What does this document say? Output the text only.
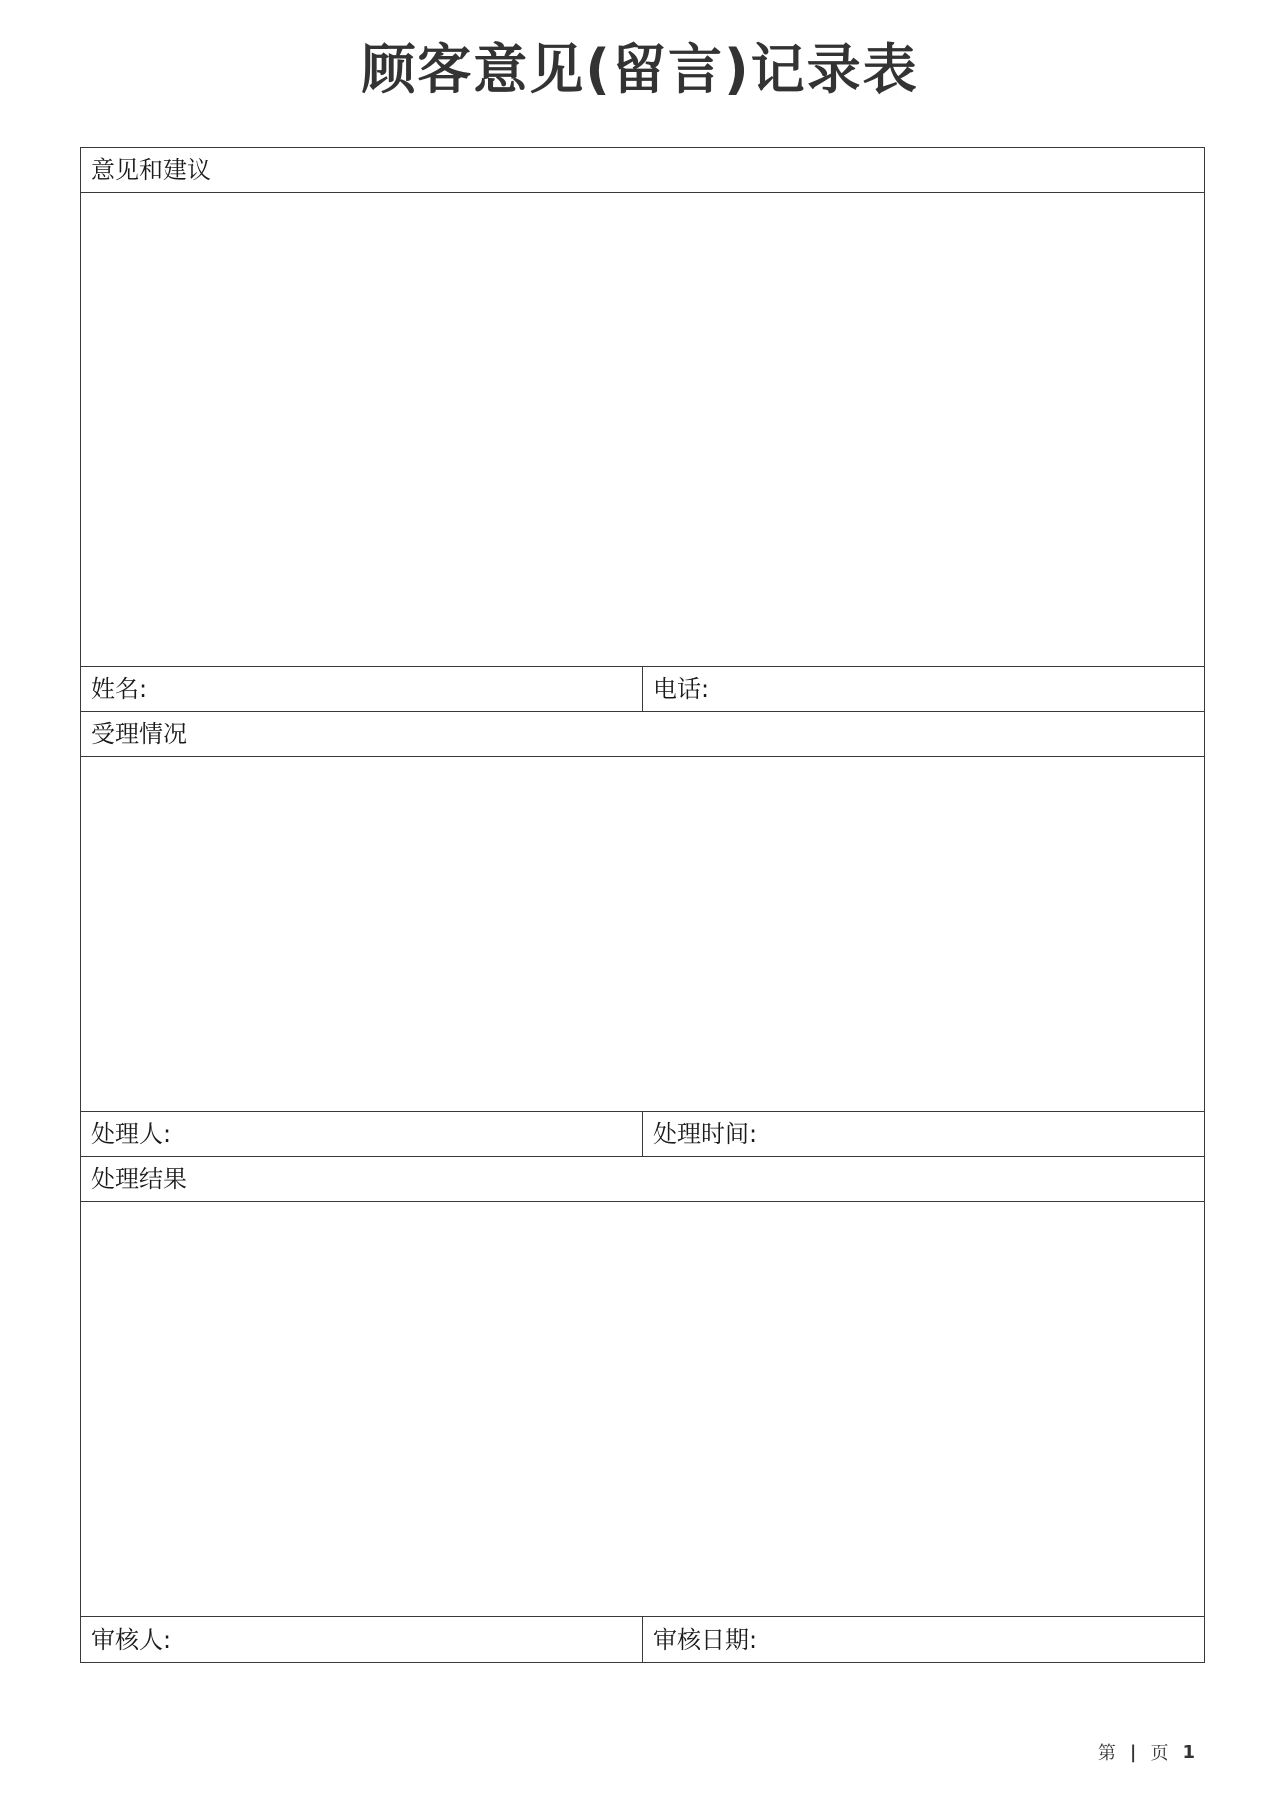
顾客意见(留言)记录表
意见和建议
姓名:	电话:
受理情况
处理人:	处理时间:
处理结果
审核人:	审核日期:
第 | 页 1
